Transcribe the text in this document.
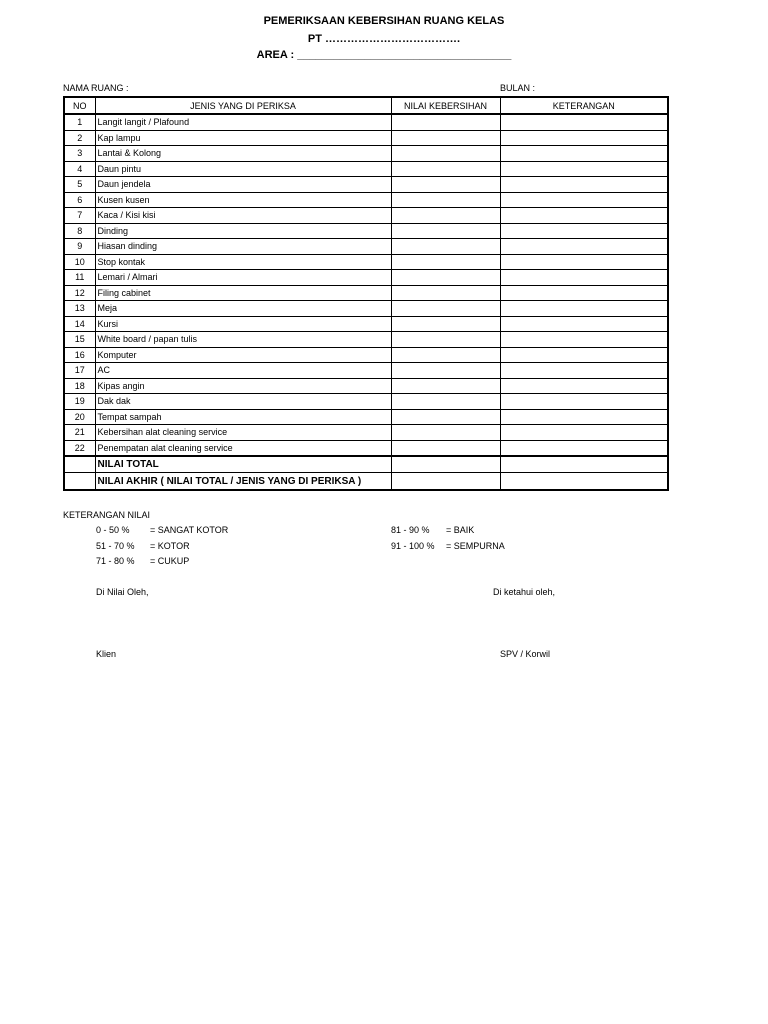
PEMERIKSAAN KEBERSIHAN RUANG KELAS
PT ……………………………….
AREA : ___________________________________
NAMA RUANG :	BULAN :
NO	JENIS YANG DI PERIKSA	NILAI KEBERSIHAN	KETERANGAN
1	Langit langit / Plafound		
2	Kap lampu		
3	Lantai & Kolong		
4	Daun pintu		
5	Daun jendela		
6	Kusen kusen		
7	Kaca / Kisi kisi		
8	Dinding		
9	Hiasan dinding		
10	Stop kontak		
11	Lemari / Almari		
12	Filing cabinet		
13	Meja		
14	Kursi		
15	White board / papan tulis		
16	Komputer		
17	AC		
18	Kipas angin		
19	Dak dak		
20	Tempat sampah		
21	Kebersihan alat cleaning service		
22	Penempatan alat cleaning service		
	NILAI TOTAL		
	NILAI AKHIR ( NILAI TOTAL / JENIS YANG DI PERIKSA )		
KETERANGAN NILAI
0 - 50 % = SANGAT KOTOR
51 - 70 % = KOTOR
71 - 80 % = CUKUP
81 - 90 % = BAIK
91 - 100 % = SEMPURNA
Di Nilai Oleh,	Di ketahui oleh,
Klien	SPV / Korwil
